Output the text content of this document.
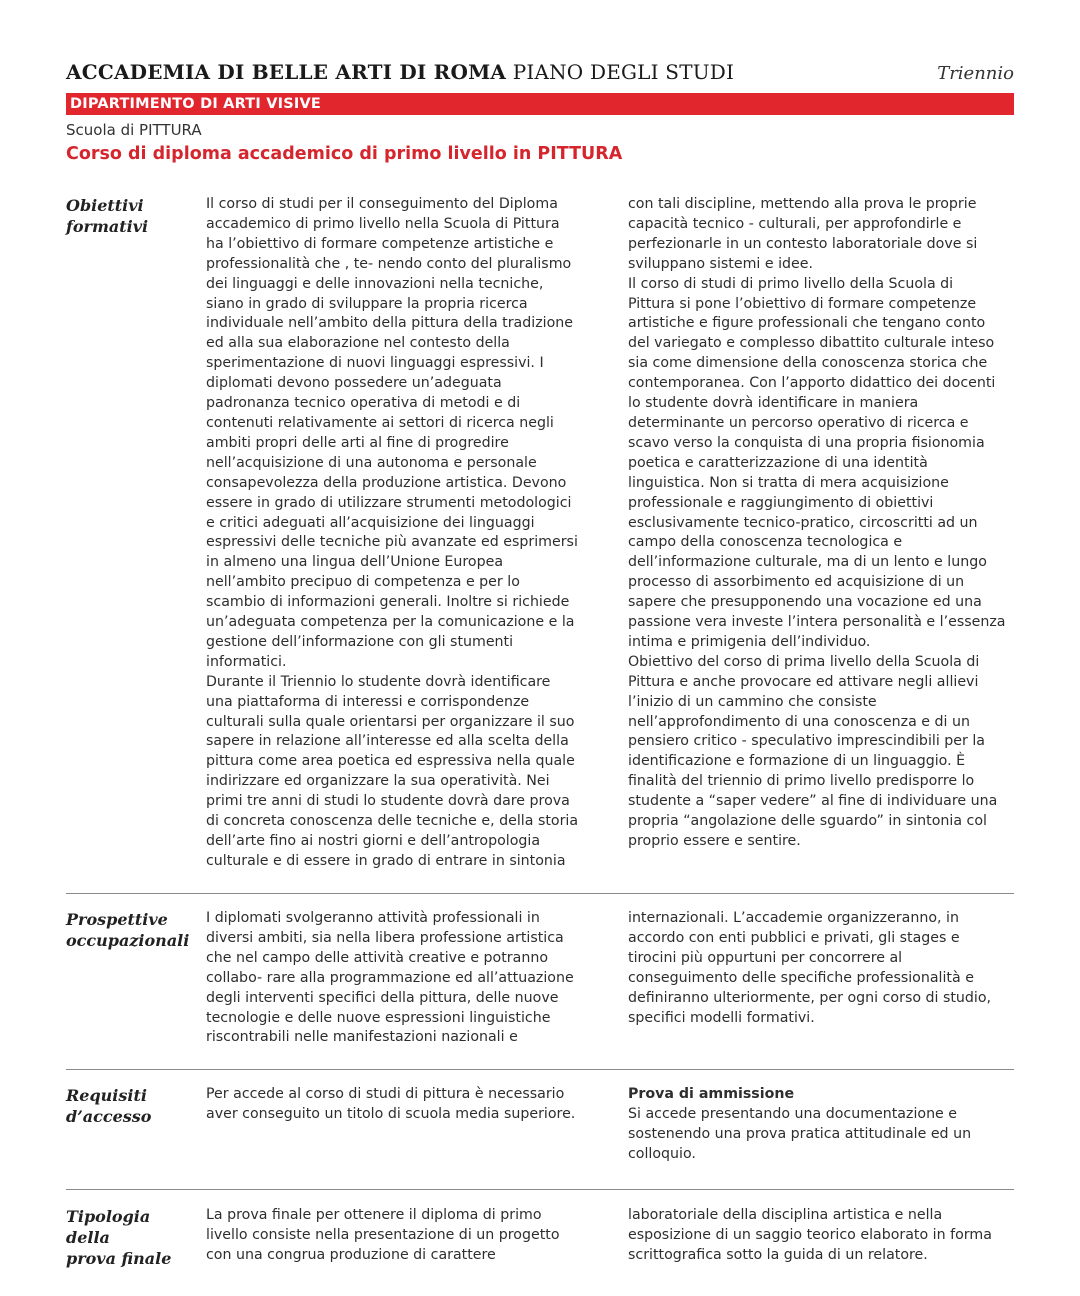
ACCADEMIA DI BELLE ARTI DI ROMA PIANO DEGLI STUDI	Triennio
DIPARTIMENTO DI ARTI VISIVE
Scuola di PITTURA
Corso di diploma accademico di primo livello in PITTURA
Obiettivi
formativi
Il corso di studi per il conseguimento del Diploma
accademico di primo livello nella Scuola di Pittura
ha l’obiettivo di formare competenze artistiche e
professionalità che , te- nendo conto del pluralismo
dei linguaggi e delle innovazioni nella tecniche,
siano in grado di sviluppare la propria ricerca
individuale nell’ambito della pittura della tradizione
ed alla sua elaborazione nel contesto della
sperimentazione di nuovi linguaggi espressivi. I
diplomati devono possedere un’adeguata
padronanza tecnico operativa di metodi e di
contenuti relativamente ai settori di ricerca negli
ambiti propri delle arti al fine di progredire
nell’acquisizione di una autonoma e personale
consapevolezza della produzione artistica. Devono
essere in grado di utilizzare strumenti metodologici
e critici adeguati all’acquisizione dei linguaggi
espressivi delle tecniche più avanzate ed esprimersi
in almeno una lingua dell’Unione Europea
nell’ambito precipuo di competenza e per lo
scambio di informazioni generali. Inoltre si richiede
un’adeguata competenza per la comunicazione e la
gestione dell’informazione con gli stumenti
informatici.
Durante il Triennio lo studente dovrà identificare
una piattaforma di interessi e corrispondenze
culturali sulla quale orientarsi per organizzare il suo
sapere in relazione all’interesse ed alla scelta della
pittura come area poetica ed espressiva nella quale
indirizzare ed organizzare la sua operatività. Nei
primi tre anni di studi lo studente dovrà dare prova
di concreta conoscenza delle tecniche e, della storia
dell’arte fino ai nostri giorni e dell’antropologia
culturale e di essere in grado di entrare in sintonia
con tali discipline, mettendo alla prova le proprie
capacità tecnico - culturali, per approfondirle e
perfezionarle in un contesto laboratoriale dove si
sviluppano sistemi e idee.
Il corso di studi di primo livello della Scuola di
Pittura si pone l’obiettivo di formare competenze
artistiche e figure professionali che tengano conto
del variegato e complesso dibattito culturale inteso
sia come dimensione della conoscenza storica che
contemporanea. Con l’apporto didattico dei docenti
lo studente dovrà identificare in maniera
determinante un percorso operativo di ricerca e
scavo verso la conquista di una propria fisionomia
poetica e caratterizzazione di una identità
linguistica. Non si tratta di mera acquisizione
professionale e raggiungimento di obiettivi
esclusivamente tecnico-pratico, circoscritti ad un
campo della conoscenza tecnologica e
dell’informazione culturale, ma di un lento e lungo
processo di assorbimento ed acquisizione di un
sapere che presupponendo una vocazione ed una
passione vera investe l’intera personalità e l’essenza
intima e primigenia dell’individuo.
Obiettivo del corso di prima livello della Scuola di
Pittura e anche provocare ed attivare negli allievi
l’inizio di un cammino che consiste
nell’approfondimento di una conoscenza e di un
pensiero critico - speculativo imprescindibili per la
identificazione e formazione di un linguaggio. È
finalità del triennio di primo livello predisporre lo
studente a “saper vedere” al fine di individuare una
propria “angolazione delle sguardo” in sintonia col
proprio essere e sentire.
Prospettive
occupazionali
I diplomati svolgeranno attività professionali in
diversi ambiti, sia nella libera professione artistica
che nel campo delle attività creative e potranno
collabo- rare alla programmazione ed all’attuazione
degli interventi specifici della pittura, delle nuove
tecnologie e delle nuove espressioni linguistiche
riscontrabili nelle manifestazioni nazionali e
internazionali. L’accademie organizzeranno, in
accordo con enti pubblici e privati, gli stages e
tirocini più oppurtuni per concorrere al
conseguimento delle specifiche professionalità e
definiranno ulteriormente, per ogni corso di studio,
specifici modelli formativi.
Requisiti
d’accesso
Per accede al corso di studi di pittura è necessario
aver conseguito un titolo di scuola media superiore.
Prova di ammissione
Si accede presentando una documentazione e
sostenendo una prova pratica attitudinale ed un
colloquio.
Tipologia della
prova finale
La prova finale per ottenere il diploma di primo
livello consiste nella presentazione di un progetto
con una congrua produzione di carattere
laboratoriale della disciplina artistica e nella
esposizione di un saggio teorico elaborato in forma
scrittografica sotto la guida di un relatore.
